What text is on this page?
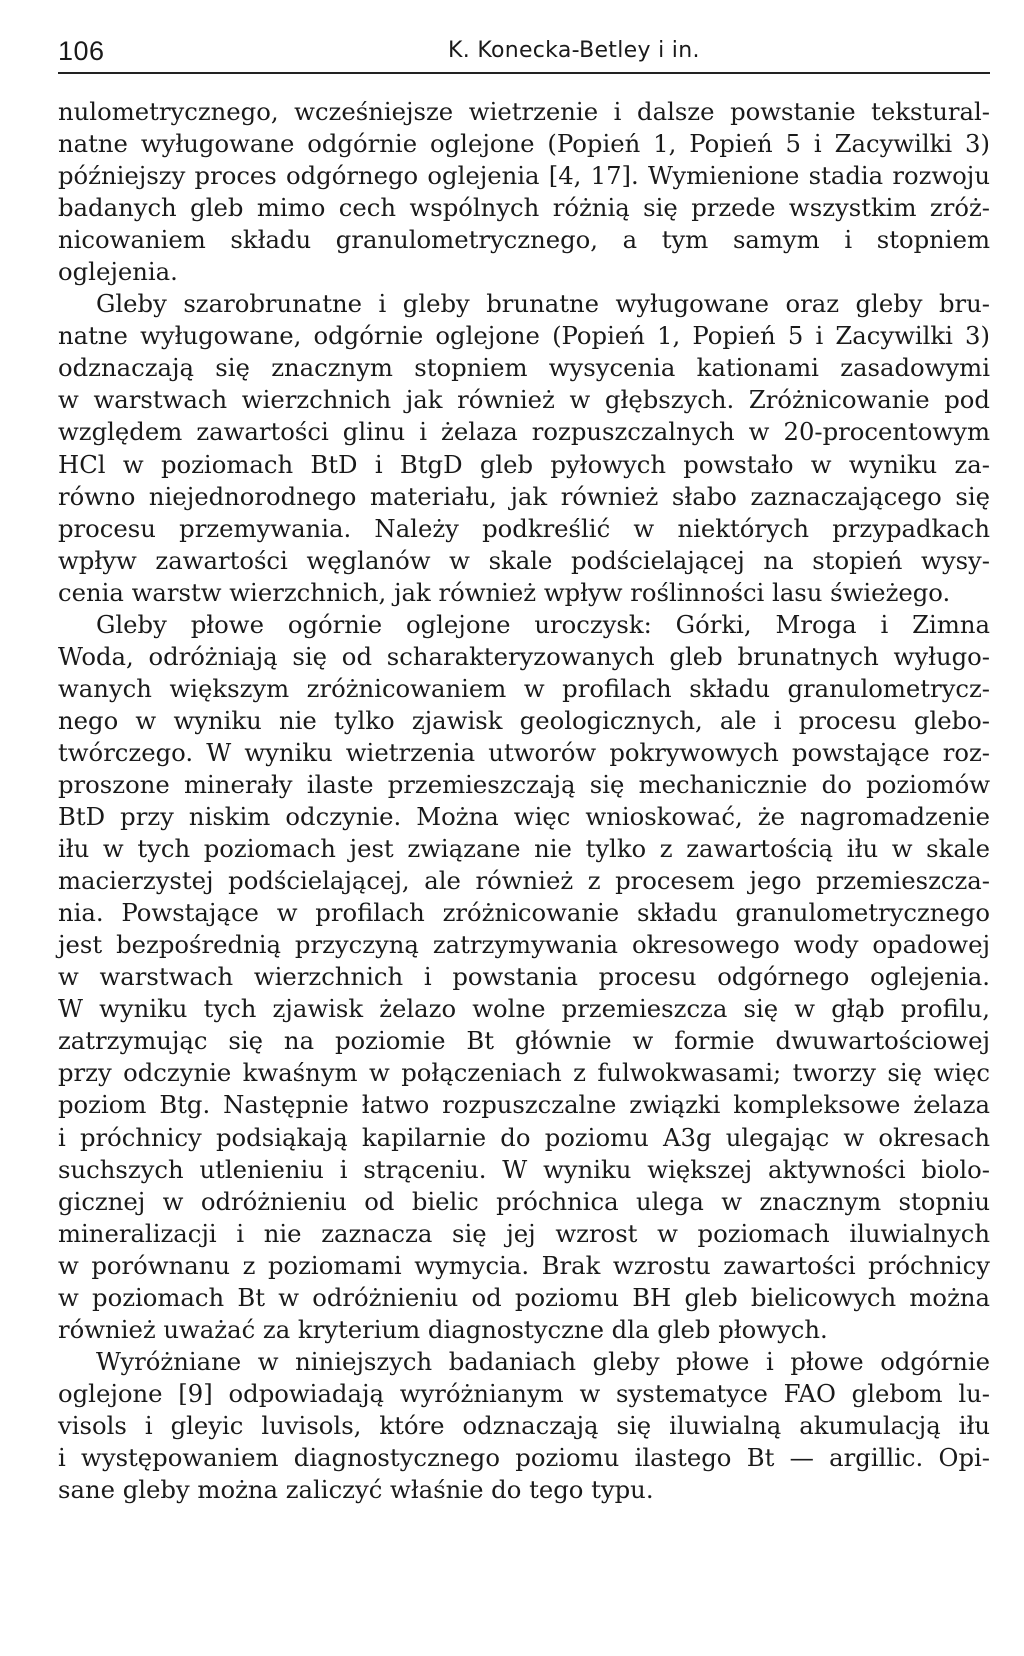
106	K. Konecka-Betley i in.
nulometrycznego, wcześniejsze wietrzenie i dalsze powstanie tekstural-
natne wyługowane odgórnie oglejone (Popień 1, Popień 5 i Zacywilki 3)
późniejszy proces odgórnego oglejenia [4, 17]. Wymienione stadia rozwoju
badanych gleb mimo cech wspólnych różnią się przede wszystkim zróż-
nicowaniem składu granulometrycznego, a tym samym i stopniem
oglejenia.
Gleby szarobrunatne i gleby brunatne wyługowane oraz gleby bru-
natne wyługowane, odgórnie oglejone (Popień 1, Popień 5 i Zacywilki 3)
odznaczają się znacznym stopniem wysycenia kationami zasadowymi
w warstwach wierzchnich jak również w głębszych. Zróżnicowanie pod
względem zawartości glinu i żelaza rozpuszczalnych w 20-procentowym
HCl w poziomach BtD i BtgD gleb pyłowych powstało w wyniku za-
równo niejednorodnego materiału, jak również słabo zaznaczającego się
procesu przemywania. Należy podkreślić w niektórych przypadkach
wpływ zawartości węglanów w skale podścielającej na stopień wysy-
cenia warstw wierzchnich, jak również wpływ roślinności lasu świeżego.
Gleby płowe ogórnie oglejone uroczysk: Górki, Mroga i Zimna
Woda, odróżniają się od scharakteryzowanych gleb brunatnych wyługo-
wanych większym zróżnicowaniem w profilach składu granulometrycz-
nego w wyniku nie tylko zjawisk geologicznych, ale i procesu glebo-
twórczego. W wyniku wietrzenia utworów pokrywowych powstające roz-
proszone minerały ilaste przemieszczają się mechanicznie do poziomów
BtD przy niskim odczynie. Można więc wnioskować, że nagromadzenie
iłu w tych poziomach jest związane nie tylko z zawartością iłu w skale
macierzystej podścielającej, ale również z procesem jego przemieszcza-
nia. Powstające w profilach zróżnicowanie składu granulometrycznego
jest bezpośrednią przyczyną zatrzymywania okresowego wody opadowej
w warstwach wierzchnich i powstania procesu odgórnego oglejenia.
W wyniku tych zjawisk żelazo wolne przemieszcza się w głąb profilu,
zatrzymując się na poziomie Bt głównie w formie dwuwartościowej
przy odczynie kwaśnym w połączeniach z fulwokwasami; tworzy się więc
poziom Btg. Następnie łatwo rozpuszczalne związki kompleksowe żelaza
i próchnicy podsiąkają kapilarnie do poziomu A3g ulegając w okresach
suchszych utlenieniu i strąceniu. W wyniku większej aktywności biolo-
gicznej w odróżnieniu od bielic próchnica ulega w znacznym stopniu
mineralizacji i nie zaznacza się jej wzrost w poziomach iluwialnych
w porównanu z poziomami wymycia. Brak wzrostu zawartości próchnicy
w poziomach Bt w odróżnieniu od poziomu BH gleb bielicowych można
również uważać za kryterium diagnostyczne dla gleb płowych.
Wyróżniane w niniejszych badaniach gleby płowe i płowe odgórnie
oglejone [9] odpowiadają wyróżnianym w systematyce FAO glebom lu-
visols i gleyic luvisols, które odznaczają się iluwialną akumulacją iłu
i występowaniem diagnostycznego poziomu ilastego Bt — argillic. Opi-
sane gleby można zaliczyć właśnie do tego typu.
